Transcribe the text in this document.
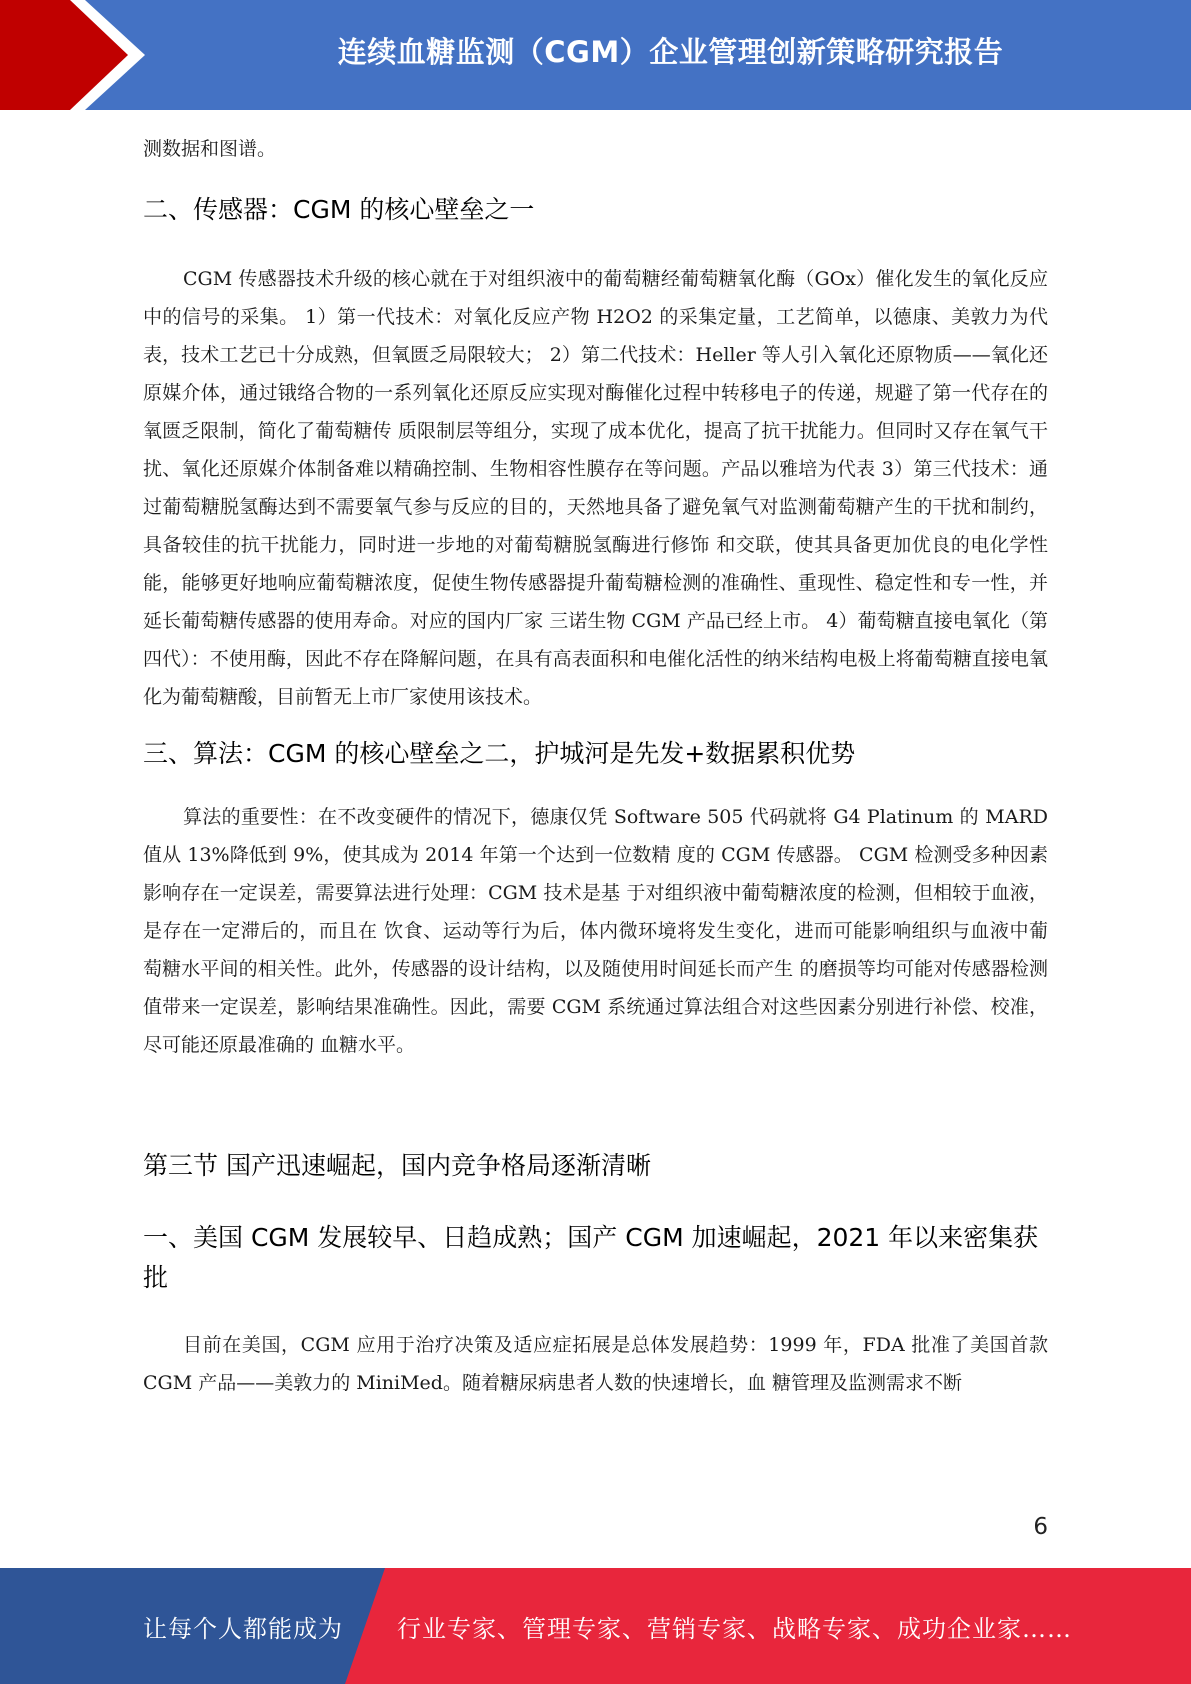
连续血糖监测（CGM）企业管理创新策略研究报告

测数据和图谱。

二、传感器：CGM 的核心壁垒之一

CGM 传感器技术升级的核心就在于对组织液中的葡萄糖经葡萄糖氧化酶（GOx）催化发生的氧化反应中的信号的采集。 1）第一代技术：对氧化反应产物 H2O2 的采集定量，工艺简单，以德康、美敦力为代表，技术工艺已十分成熟，但氧匮乏局限较大； 2）第二代技术：Heller 等人引入氧化还原物质——氧化还原媒介体，通过锇络合物的一系列氧化还原反应实现对酶催化过程中转移电子的传递，规避了第一代存在的氧匮乏限制，简化了葡萄糖传 质限制层等组分，实现了成本优化，提高了抗干扰能力。但同时又存在氧气干扰、氧化还原媒介体制备难以精确控制、生物相容性膜存在等问题。产品以雅培为代表 3）第三代技术：通过葡萄糖脱氢酶达到不需要氧气参与反应的目的，天然地具备了避免氧气对监测葡萄糖产生的干扰和制约，具备较佳的抗干扰能力，同时进一步地的对葡萄糖脱氢酶进行修饰 和交联，使其具备更加优良的电化学性能，能够更好地响应葡萄糖浓度，促使生物传感器提升葡萄糖检测的准确性、重现性、稳定性和专一性，并延长葡萄糖传感器的使用寿命。对应的国内厂家 三诺生物 CGM 产品已经上市。 4）葡萄糖直接电氧化（第四代）：不使用酶，因此不存在降解问题，在具有高表面积和电催化活性的纳米结构电极上将葡萄糖直接电氧化为葡萄糖酸，目前暂无上市厂家使用该技术。

三、算法：CGM 的核心壁垒之二，护城河是先发+数据累积优势

算法的重要性：在不改变硬件的情况下，德康仅凭 Software 505 代码就将 G4 Platinum 的 MARD 值从 13%降低到 9%，使其成为 2014 年第一个达到一位数精 度的 CGM 传感器。 CGM 检测受多种因素影响存在一定误差，需要算法进行处理：CGM 技术是基 于对组织液中葡萄糖浓度的检测，但相较于血液，是存在一定滞后的，而且在 饮食、运动等行为后，体内微环境将发生变化，进而可能影响组织与血液中葡 萄糖水平间的相关性。此外，传感器的设计结构，以及随使用时间延长而产生 的磨损等均可能对传感器检测值带来一定误差，影响结果准确性。因此，需要 CGM 系统通过算法组合对这些因素分别进行补偿、校准，尽可能还原最准确的 血糖水平。

第三节 国产迅速崛起，国内竞争格局逐渐清晰
一、美国 CGM 发展较早、日趋成熟；国产 CGM 加速崛起，2021 年以来密集获批

目前在美国，CGM 应用于治疗决策及适应症拓展是总体发展趋势：1999 年，FDA 批准了美国首款 CGM 产品——美敦力的 MiniMed。随着糖尿病患者人数的快速增长，血 糖管理及监测需求不断

6
让每个人都能成为 行业专家、管理专家、营销专家、战略专家、成功企业家……
